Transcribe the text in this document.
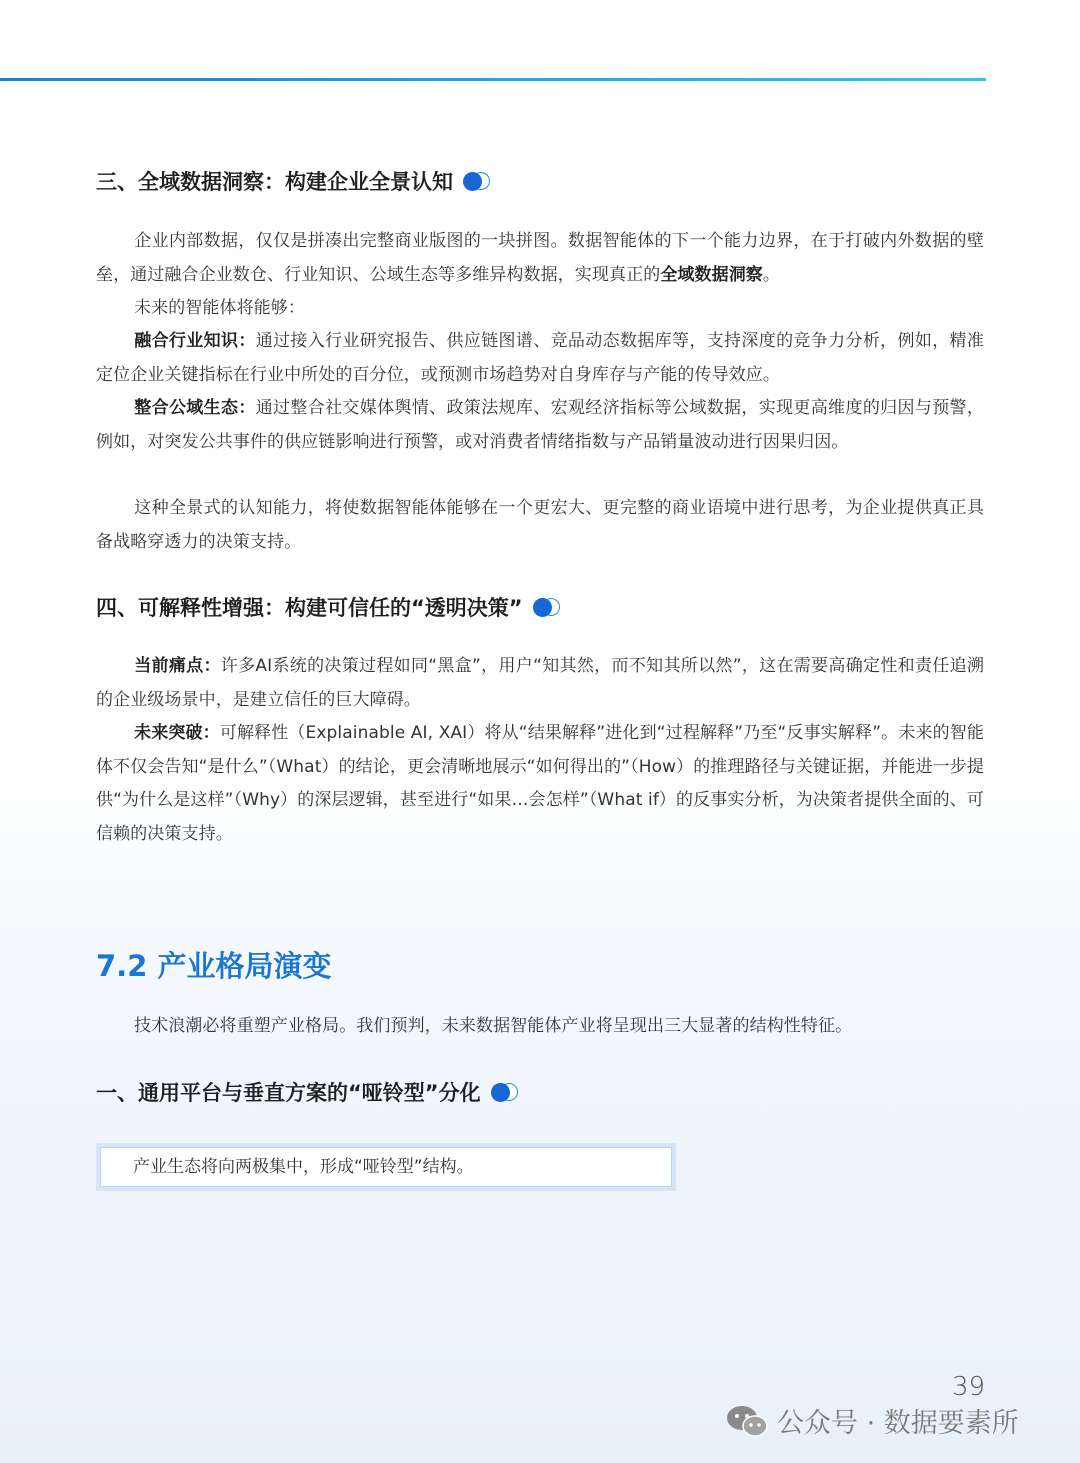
三、全域数据洞察：构建企业全景认知
企业内部数据，仅仅是拼凑出完整商业版图的一块拼图。数据智能体的下一个能力边界，在于打破内外数据的壁垒，通过融合企业数仓、行业知识、公域生态等多维异构数据，实现真正的全域数据洞察。
未来的智能体将能够：
融合行业知识：通过接入行业研究报告、供应链图谱、竞品动态数据库等，支持深度的竞争力分析，例如，精准定位企业关键指标在行业中所处的百分位，或预测市场趋势对自身库存与产能的传导效应。
整合公域生态：通过整合社交媒体舆情、政策法规库、宏观经济指标等公域数据，实现更高维度的归因与预警，例如，对突发公共事件的供应链影响进行预警，或对消费者情绪指数与产品销量波动进行因果归因。
这种全景式的认知能力，将使数据智能体能够在一个更宏大、更完整的商业语境中进行思考，为企业提供真正具备战略穿透力的决策支持。
四、可解释性增强：构建可信任的“透明决策”
当前痛点：许多AI系统的决策过程如同“黑盒”，用户“知其然，而不知其所以然”，这在需要高确定性和责任追溯的企业级场景中，是建立信任的巨大障碍。
未来突破：可解释性（Explainable AI, XAI）将从“结果解释”进化到“过程解释”乃至“反事实解释”。未来的智能体不仅会告知“是什么”（What）的结论，更会清晰地展示“如何得出的”（How）的推理路径与关键证据，并能进一步提供“为什么是这样”（Why）的深层逻辑，甚至进行“如果…会怎样”（What if）的反事实分析，为决策者提供全面的、可信赖的决策支持。
7.2 产业格局演变
技术浪潮必将重塑产业格局。我们预判，未来数据智能体产业将呈现出三大显著的结构性特征。
一、通用平台与垂直方案的“哑铃型”分化
产业生态将向两极集中，形成“哑铃型”结构。
39
公众号 · 数据要素所
